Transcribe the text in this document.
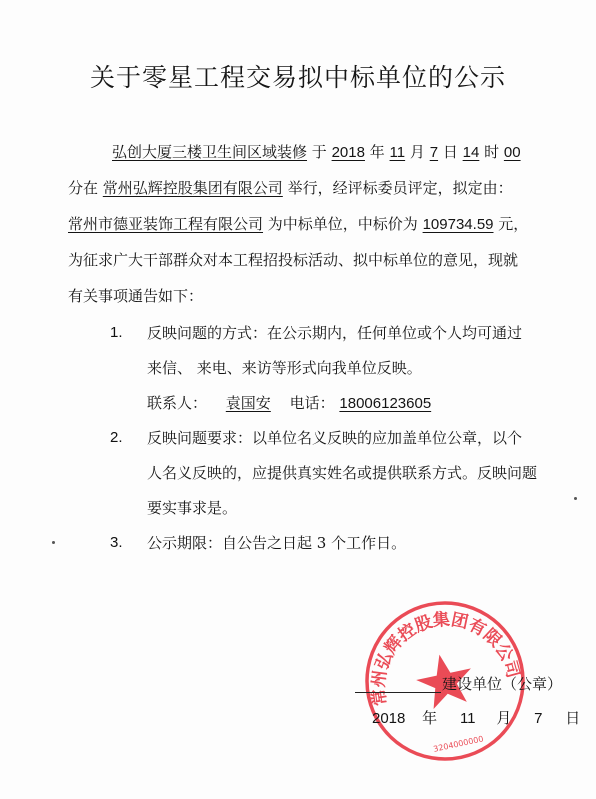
关于零星工程交易拟中标单位的公示
弘创大厦三楼卫生间区域装修 于 2018 年 11 月 7 日 14 时 00
分在 常州弘辉控股集团有限公司 举行，经评标委员评定，拟定由：
常州市德亚装饰工程有限公司 为中标单位，中标价为 109734.59 元，
为征求广大干部群众对本工程招投标活动、拟中标单位的意见，现就
有关事项通告如下：
1. 反映问题的方式：在公示期内，任何单位或个人均可通过
来信、 来电、来访等形式向我单位反映。
联系人： 袁国安 电话： 18006123605
2. 反映问题要求：以单位名义反映的应加盖单位公章，以个
人名义反映的，应提供真实姓名或提供联系方式。反映问题
要实事求是。
3. 公示期限：自公告之日起 3 个工作日。
常州弘辉控股集团有限公司
3204000000
建设单位（公章）
2018 年 11 月 7 日
